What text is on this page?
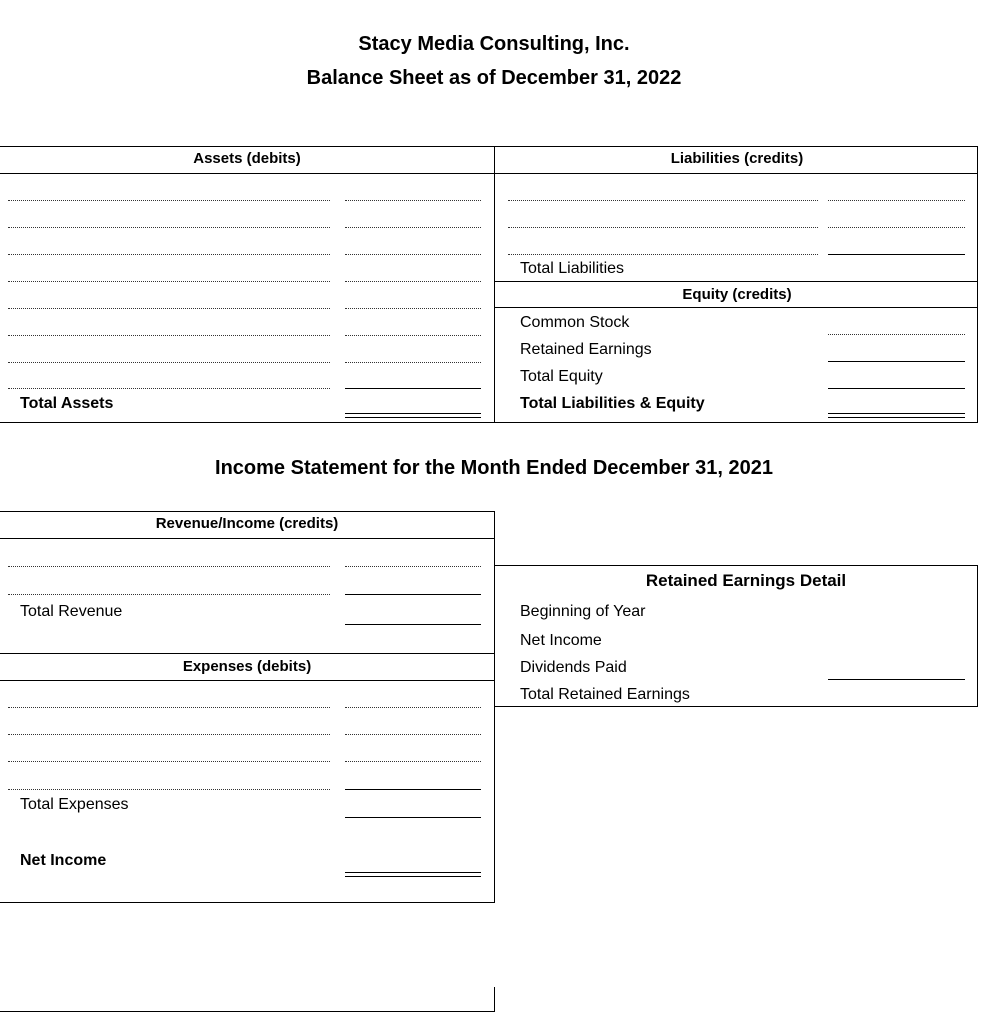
Stacy Media Consulting, Inc.
Balance Sheet as of December 31, 2022
Assets (debits)	Liabilities (credits)
Total Assets
Total Liabilities
Equity (credits)
Common Stock
Retained Earnings
Total Equity
Total Liabilities & Equity
Income Statement for the Month Ended December 31, 2021
Revenue/Income (credits)
Total Revenue
Expenses (debits)
Total Expenses
Net Income
Retained Earnings Detail
Beginning of Year
Net Income
Dividends Paid
Total Retained Earnings
